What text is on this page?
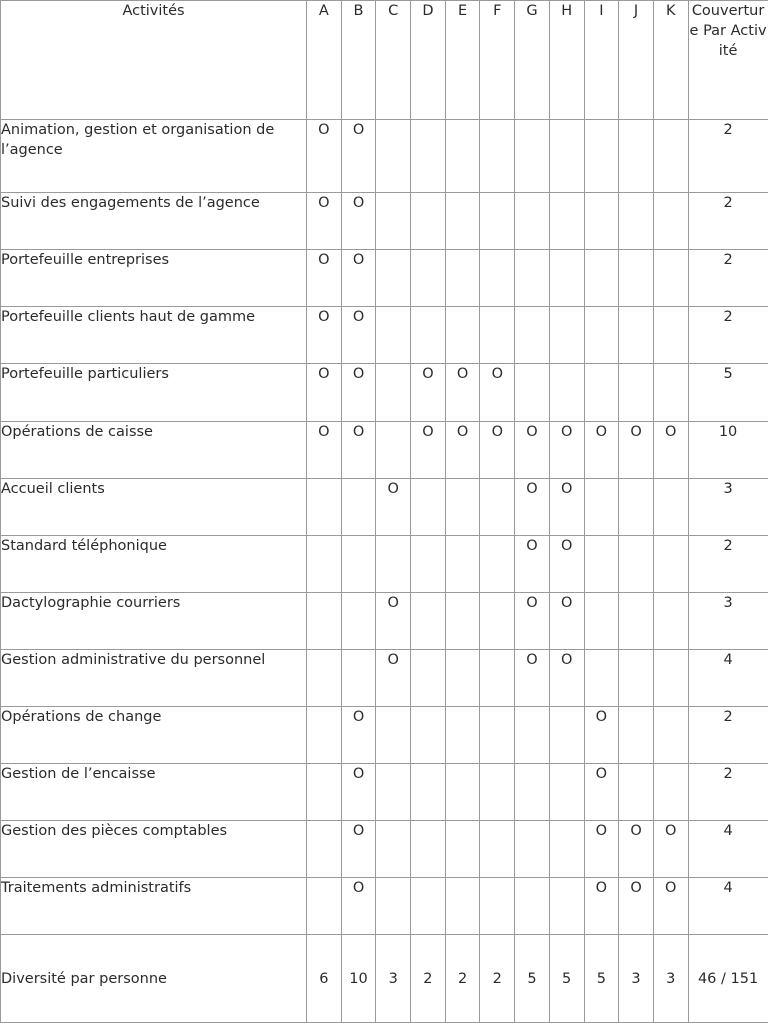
Activités	A	B	C	D	E	F	G	H	I	J	K	Couverture Par Activité
Animation, gestion et organisation de l’agence	O	O										2
Suivi des engagements de l’agence	O	O										2
Portefeuille entreprises	O	O										2
Portefeuille clients haut de gamme	O	O										2
Portefeuille particuliers	O	O		O	O	O						5
Opérations de caisse	O	O		O	O	O	O	O	O	O	O	10
Accueil clients			O				O	O				3
Standard téléphonique							O	O				2
Dactylographie courriers			O				O	O				3
Gestion administrative du personnel			O				O	O				4
Opérations de change		O							O			2
Gestion de l’encaisse		O							O			2
Gestion des pièces comptables		O							O	O	O	4
Traitements administratifs		O							O	O	O	4
Diversité par personne	6	10	3	2	2	2	5	5	5	3	3	46 / 151
